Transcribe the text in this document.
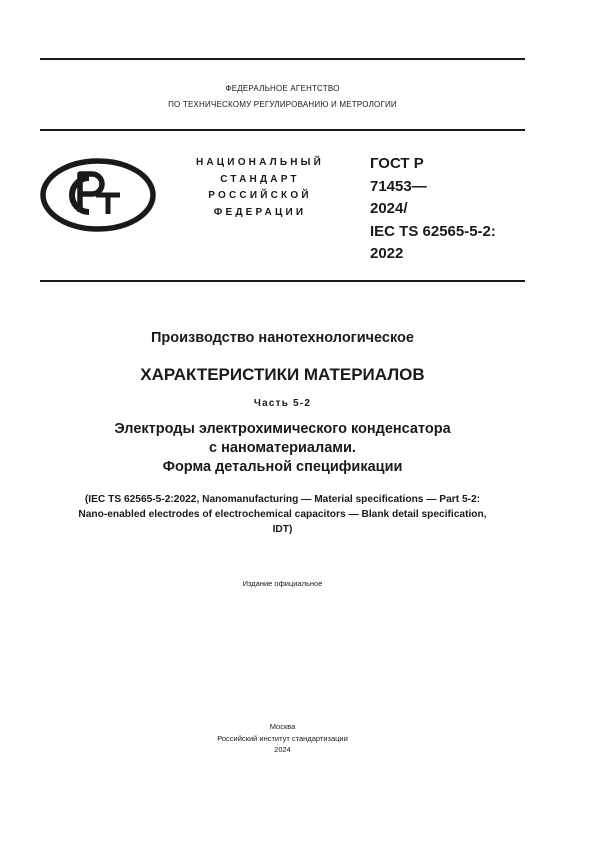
ФЕДЕРАЛЬНОЕ АГЕНТСТВО
ПО ТЕХНИЧЕСКОМУ РЕГУЛИРОВАНИЮ И МЕТРОЛОГИИ
НАЦИОНАЛЬНЫЙ
СТАНДАРТ
РОССИЙСКОЙ
ФЕДЕРАЦИИ
ГОСТ Р
71453—
2024/
IEC TS 62565-5-2:
2022
Производство нанотехнологическое
ХАРАКТЕРИСТИКИ МАТЕРИАЛОВ
Часть 5-2
Электроды электрохимического конденсатора
с наноматериалами.
Форма детальной спецификации
(IEC TS 62565-5-2:2022, Nanomanufacturing — Material specifications — Part 5-2:
Nano-enabled electrodes of electrochemical capacitors — Blank detail specification,
IDT)
Издание официальное
Москва
Российский институт стандартизации
2024
